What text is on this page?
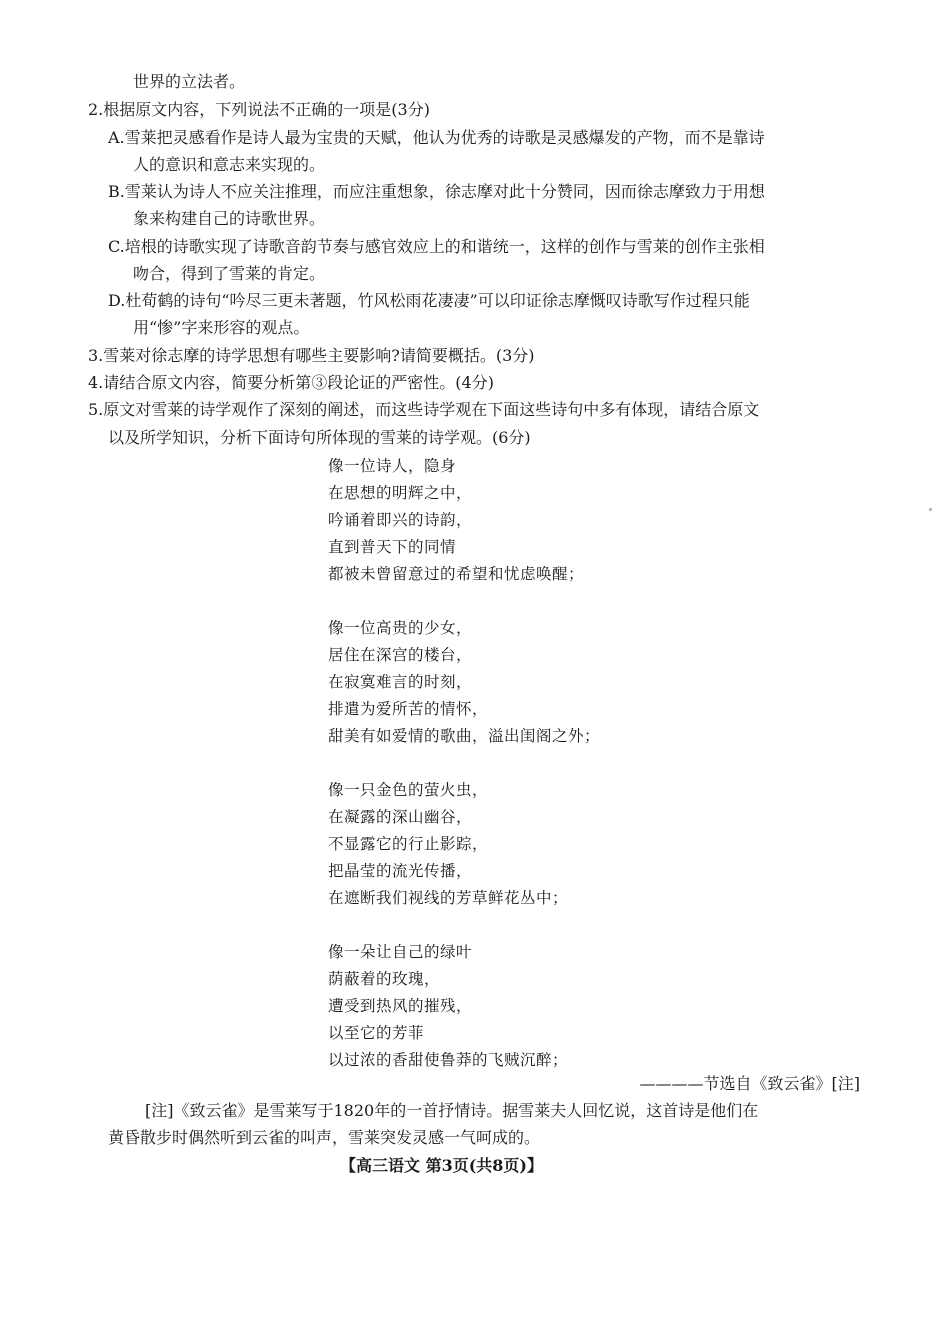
世界的立法者。
2.根据原文内容，下列说法不正确的一项是(3分)
A.雪莱把灵感看作是诗人最为宝贵的天赋，他认为优秀的诗歌是灵感爆发的产物，而不是靠诗
人的意识和意志来实现的。
B.雪莱认为诗人不应关注推理，而应注重想象，徐志摩对此十分赞同，因而徐志摩致力于用想
象来构建自己的诗歌世界。
C.培根的诗歌实现了诗歌音韵节奏与感官效应上的和谐统一，这样的创作与雪莱的创作主张相
吻合，得到了雪莱的肯定。
D.杜荀鹤的诗句“吟尽三更未著题，竹风松雨花凄凄”可以印证徐志摩慨叹诗歌写作过程只能
用“惨”字来形容的观点。
3.雪莱对徐志摩的诗学思想有哪些主要影响?请简要概括。(3分)
4.请结合原文内容，简要分析第③段论证的严密性。(4分)
5.原文对雪莱的诗学观作了深刻的阐述，而这些诗学观在下面这些诗句中多有体现，请结合原文
以及所学知识，分析下面诗句所体现的雪莱的诗学观。(6分)
像一位诗人，隐身
在思想的明辉之中，
吟诵着即兴的诗韵，
直到普天下的同情
都被未曾留意过的希望和忧虑唤醒；
像一位高贵的少女，
居住在深宫的楼台，
在寂寞难言的时刻，
排遣为爱所苦的情怀，
甜美有如爱情的歌曲，溢出闺阁之外；
像一只金色的萤火虫，
在凝露的深山幽谷，
不显露它的行止影踪，
把晶莹的流光传播，
在遮断我们视线的芳草鲜花丛中；
像一朵让自己的绿叶
荫蔽着的玫瑰，
遭受到热风的摧残，
以至它的芳菲
以过浓的香甜使鲁莽的飞贼沉醉；
————节选自《致云雀》[注]
[注]《致云雀》是雪莱写于1820年的一首抒情诗。据雪莱夫人回忆说，这首诗是他们在
黄昏散步时偶然听到云雀的叫声，雪莱突发灵感一气呵成的。
【高三语文 第3页(共8页)】
